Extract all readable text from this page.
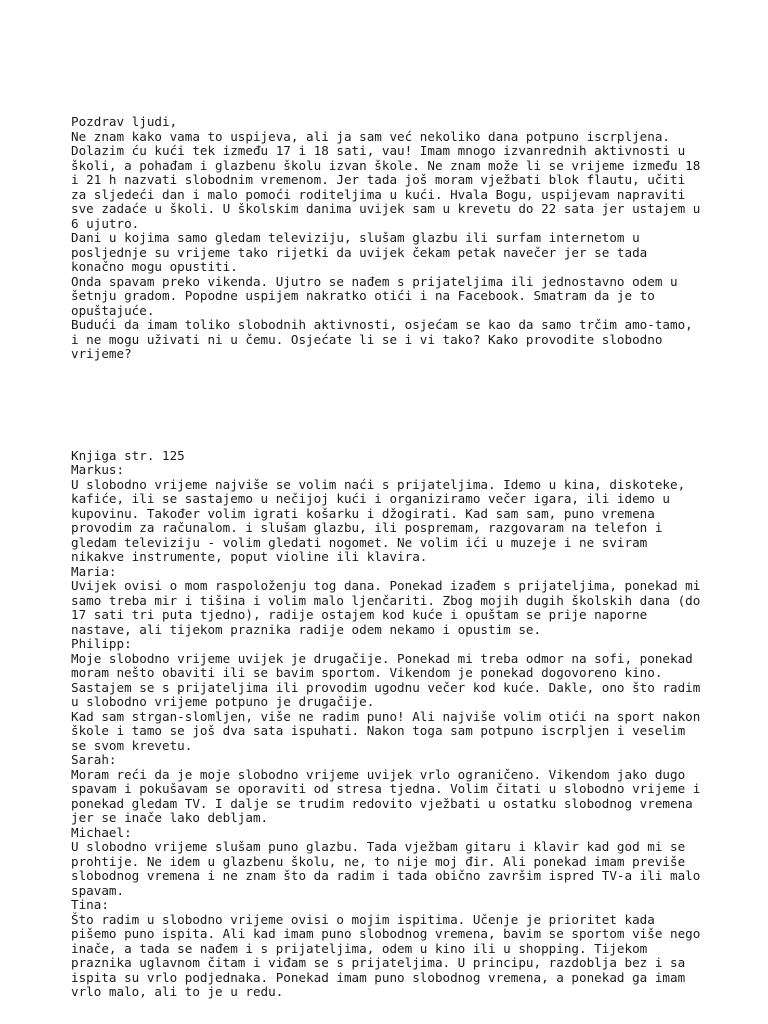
Pozdrav ljudi,
Ne znam kako vama to uspijeva, ali ja sam već nekoliko dana potpuno iscrpljena.
Dolazim ću kući tek između 17 i 18 sati, vau! Imam mnogo izvanrednih aktivnosti u
školi, a pohađam i glazbenu školu izvan škole. Ne znam može li se vrijeme između 18
i 21 h nazvati slobodnim vremenom. Jer tada još moram vježbati blok flautu, učiti
za sljedeći dan i malo pomoći roditeljima u kući. Hvala Bogu, uspijevam napraviti
sve zadaće u školi. U školskim danima uvijek sam u krevetu do 22 sata jer ustajem u
6 ujutro.
Dani u kojima samo gledam televiziju, slušam glazbu ili surfam internetom u
posljednje su vrijeme tako rijetki da uvijek čekam petak navečer jer se tada
konačno mogu opustiti.
Onda spavam preko vikenda. Ujutro se nađem s prijateljima ili jednostavno odem u
šetnju gradom. Popodne uspijem nakratko otići i na Facebook. Smatram da je to
opuštajuće.
Budući da imam toliko slobodnih aktivnosti, osjećam se kao da samo trčim amo-tamo,
i ne mogu uživati ni u čemu. Osjećate li se i vi tako? Kako provodite slobodno
vrijeme?

Knjiga str. 125
Markus:
U slobodno vrijeme najviše se volim naći s prijateljima. Idemo u kina, diskoteke,
kafiće, ili se sastajemo u nečijoj kući i organiziramo večer igara, ili idemo u
kupovinu. Također volim igrati košarku i džogirati. Kad sam sam, puno vremena
provodim za računalom. i slušam glazbu, ili pospremam, razgovaram na telefon i
gledam televiziju - volim gledati nogomet. Ne volim ići u muzeje i ne sviram
nikakve instrumente, poput violine ili klavira.
Maria:
Uvijek ovisi o mom raspoloženju tog dana. Ponekad izađem s prijateljima, ponekad mi
samo treba mir i tišina i volim malo ljenčariti. Zbog mojih dugih školskih dana (do
17 sati tri puta tjedno), radije ostajem kod kuće i opuštam se prije naporne
nastave, ali tijekom praznika radije odem nekamo i opustim se.
Philipp:
Moje slobodno vrijeme uvijek je drugačije. Ponekad mi treba odmor na sofi, ponekad
moram nešto obaviti ili se bavim sportom. Vikendom je ponekad dogovoreno kino.
Sastajem se s prijateljima ili provodim ugodnu večer kod kuće. Dakle, ono što radim
u slobodno vrijeme potpuno je drugačije.
Kad sam strgan-slomljen, više ne radim puno! Ali najviše volim otići na sport nakon
škole i tamo se još dva sata ispuhati. Nakon toga sam potpuno iscrpljen i veselim
se svom krevetu.
Sarah:
Moram reći da je moje slobodno vrijeme uvijek vrlo ograničeno. Vikendom jako dugo
spavam i pokušavam se oporaviti od stresa tjedna. Volim čitati u slobodno vrijeme i
ponekad gledam TV. I dalje se trudim redovito vježbati u ostatku slobodnog vremena
jer se inače lako debljam.
Michael:
U slobodno vrijeme slušam puno glazbu. Tada vježbam gitaru i klavir kad god mi se
prohtije. Ne idem u glazbenu školu, ne, to nije moj đir. Ali ponekad imam previše
slobodnog vremena i ne znam što da radim i tada obično završim ispred TV-a ili malo
spavam.
Tina:
Što radim u slobodno vrijeme ovisi o mojim ispitima. Učenje je prioritet kada
pišemo puno ispita. Ali kad imam puno slobodnog vremena, bavim se sportom više nego
inače, a tada se nađem i s prijateljima, odem u kino ili u shopping. Tijekom
praznika uglavnom čitam i viđam se s prijateljima. U principu, razdoblja bez i sa
ispita su vrlo podjednaka. Ponekad imam puno slobodnog vremena, a ponekad ga imam
vrlo malo, ali to je u redu.
